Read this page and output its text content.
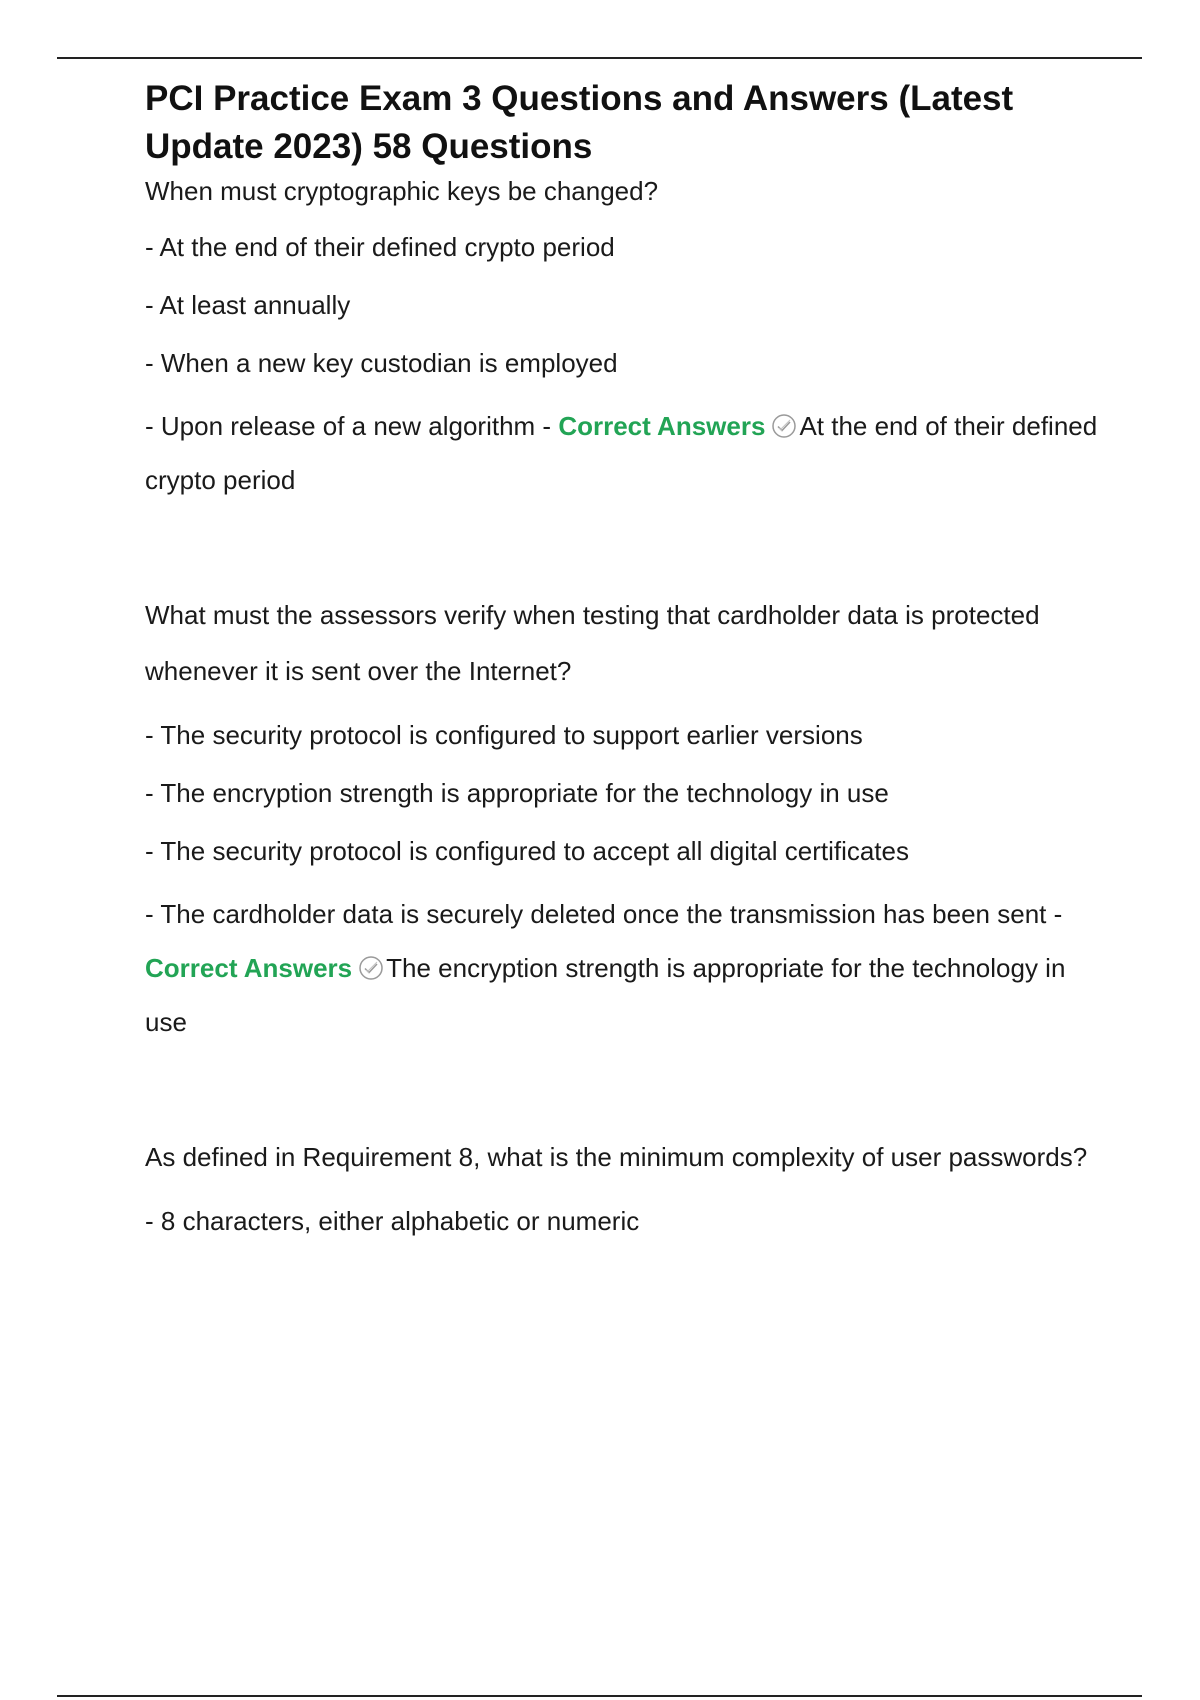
PCI Practice Exam 3 Questions and Answers (Latest Update 2023) 58 Questions

When must cryptographic keys be changed?

- At the end of their defined crypto period

- At least annually

- When a new key custodian is employed

- Upon release of a new algorithm - Correct Answers At the end of their defined crypto period

What must the assessors verify when testing that cardholder data is protected whenever it is sent over the Internet?

- The security protocol is configured to support earlier versions

- The encryption strength is appropriate for the technology in use

- The security protocol is configured to accept all digital certificates

- The cardholder data is securely deleted once the transmission has been sent - Correct Answers The encryption strength is appropriate for the technology in use

As defined in Requirement 8, what is the minimum complexity of user passwords?

- 8 characters, either alphabetic or numeric
